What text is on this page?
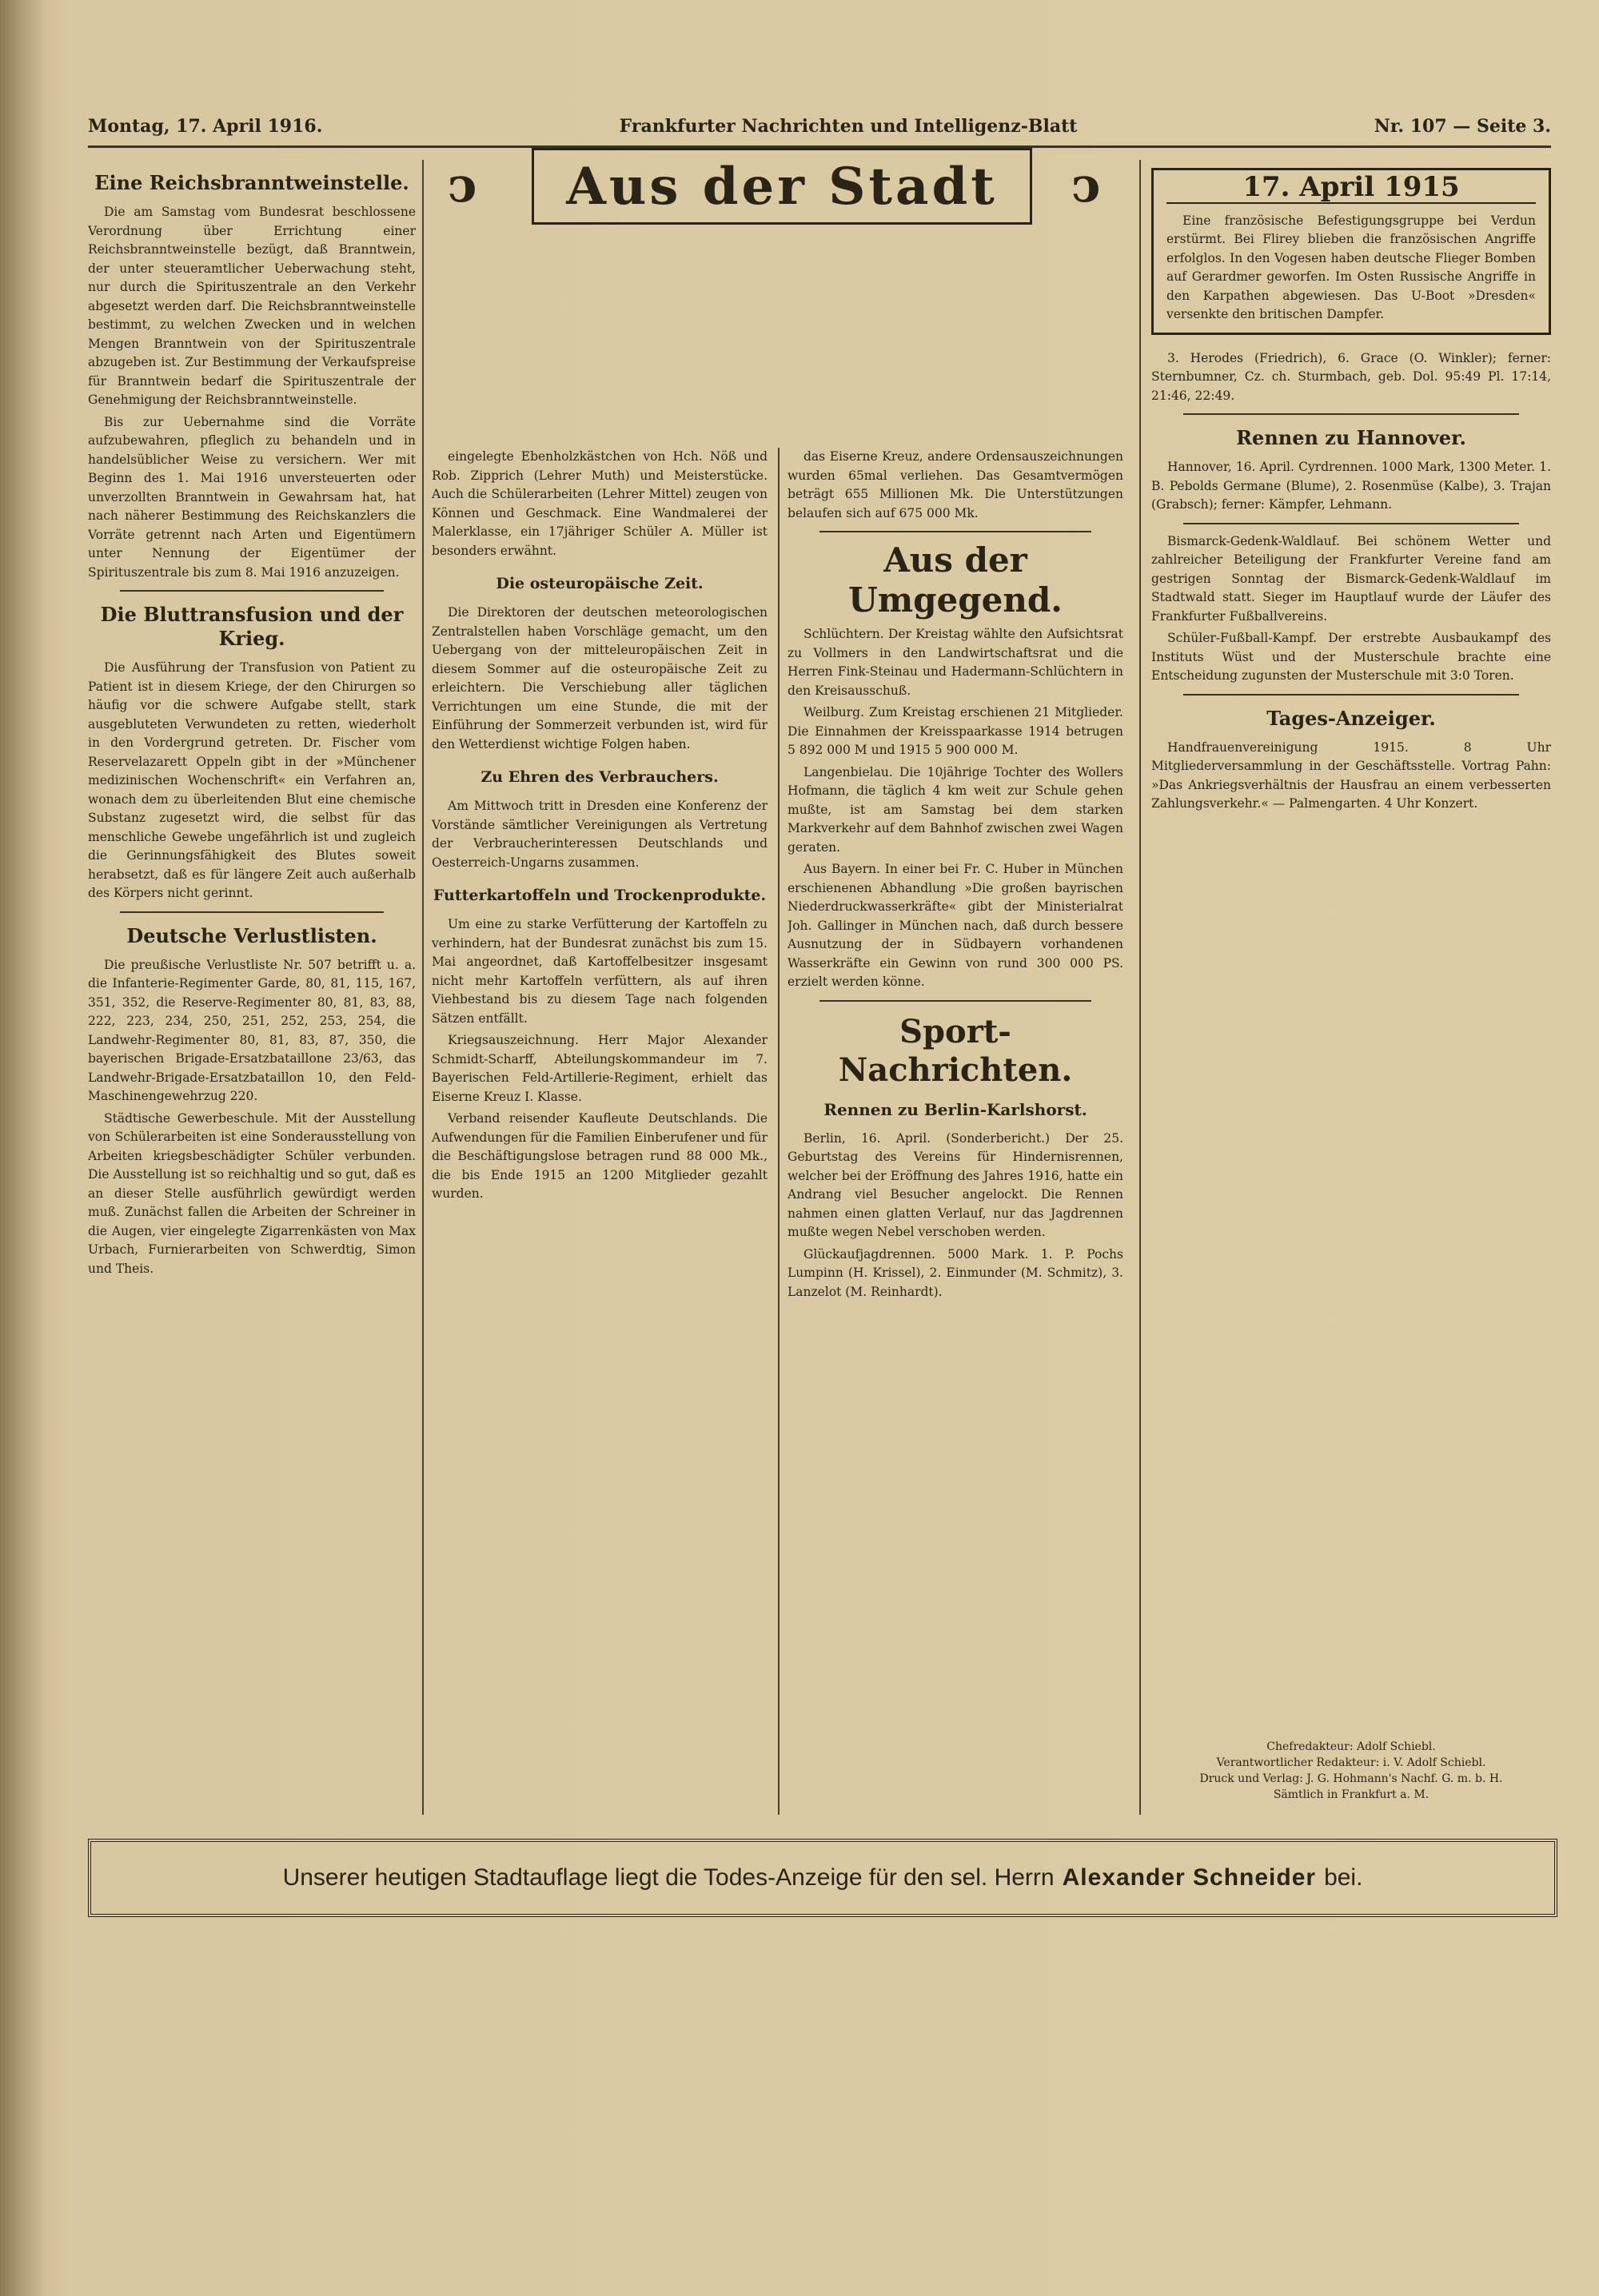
Montag, 17. April 1916.	Frankfurter Nachrichten und Intelligenz-Blatt	Nr. 107 — Seite 3.
Eine Reichsbranntweinstelle.

Die am Samstag vom Bundesrat beschlossene Verordnung über Errichtung einer Reichsbranntweinstelle bezügt, daß Branntwein, der unter steueramtlicher Ueberwachung steht, nur durch die Spirituszentrale an den Verkehr abgesetzt werden darf. Die Reichsbranntweinstelle bestimmt, zu welchen Zwecken und in welchen Mengen Branntwein von der Spirituszentrale abzugeben ist. Zur Bestimmung der Verkaufspreise für Branntwein bedarf die Spirituszentrale der Genehmigung der Reichsbranntweinstelle.

Bis zur Uebernahme sind die Vorräte aufzubewahren, pfleglich zu behandeln und in handelsüblicher Weise zu versichern. Wer mit Beginn des 1. Mai 1916 unversteuerten oder unverzollten Branntwein in Gewahrsam hat, hat nach näherer Bestimmung des Reichskanzlers die Vorräte getrennt nach Arten und Eigentümern unter Nennung der Eigentümer der Spirituszentrale bis zum 8. Mai 1916 anzuzeigen.

Die Bluttransfusion und der Krieg.

Die Ausführung der Transfusion von Patient zu Patient ist in diesem Kriege, der den Chirurgen so häufig vor die schwere Aufgabe stellt, stark ausgebluteten Verwundeten zu retten, wiederholt in den Vordergrund getreten. Dr. Fischer vom Reservelazarett Oppeln gibt in der »Münchener medizinischen Wochenschrift« ein Verfahren an, wonach dem zu überleitenden Blut eine chemische Substanz zugesetzt wird, die selbst für das menschliche Gewebe ungefährlich ist und zugleich die Gerinnungsfähigkeit des Blutes soweit herabsetzt, daß es für längere Zeit auch außerhalb des Körpers nicht gerinnt.

Deutsche Verlustlisten.

Die preußische Verlustliste Nr. 507 betrifft u. a. die Infanterie-Regimenter Garde, 80, 81, 115, 167, 351, 352, die Reserve-Regimenter 80, 81, 83, 88, 222, 223, 234, 250, 251, 252, 253, 254, die Landwehr-Regimenter 80, 81, 83, 87, 350, die bayerischen Brigade-Ersatzbataillone 23/63, das Landwehr-Brigade-Ersatzbataillon 10, den Feld-Maschinengewehrzug 220.

Städtische Gewerbeschule. Mit der Ausstellung von Schülerarbeiten ist eine Sonderausstellung von Arbeiten kriegsbeschädigter Schüler verbunden. Die Ausstellung ist so reichhaltig und so gut, daß es an dieser Stelle ausführlich gewürdigt werden muß. Zunächst fallen die Arbeiten der Schreiner in die Augen, vier eingelegte Zigarrenkästen von Max Urbach, Furnierarbeiten von Schwerdtig, Simon und Theis.

ↄ Aus der Stadt ↄ

eingelegte Ebenholzkästchen von Hch. Nöß und Rob. Zipprich (Lehrer Muth) und Meisterstücke. Auch die Schülerarbeiten (Lehrer Mittel) zeugen von Können und Geschmack. Eine Wandmalerei der Malerklasse, ein 17jähriger Schüler A. Müller ist besonders erwähnt.

Die osteuropäische Zeit.

Die Direktoren der deutschen meteorologischen Zentralstellen haben Vorschläge gemacht, um den Uebergang von der mitteleuropäischen Zeit in diesem Sommer auf die osteuropäische Zeit zu erleichtern. Die Verschiebung aller täglichen Verrichtungen um eine Stunde, die mit der Einführung der Sommerzeit verbunden ist, wird für den Wetterdienst wichtige Folgen haben.

Zu Ehren des Verbrauchers.

Am Mittwoch tritt in Dresden eine Konferenz der Vorstände sämtlicher Vereinigungen als Vertretung der Verbraucherinteressen Deutschlands und Oesterreich-Ungarns zusammen.

Futterkartoffeln und Trockenprodukte.

Um eine zu starke Verfütterung der Kartoffeln zu verhindern, hat der Bundesrat zunächst bis zum 15. Mai angeordnet, daß Kartoffelbesitzer insgesamt nicht mehr Kartoffeln verfüttern, als auf ihren Viehbestand bis zu diesem Tage nach folgenden Sätzen entfällt.

Kriegsauszeichnung. Herr Major Alexander Schmidt-Scharff, Abteilungskommandeur im 7. Bayerischen Feld-Artillerie-Regiment, erhielt das Eiserne Kreuz I. Klasse.

Verband reisender Kaufleute Deutschlands. Die Aufwendungen für die Familien Einberufener und für die Beschäftigungslose betragen rund 88 000 Mk., die bis Ende 1915 an 1200 Mitglieder gezahlt wurden.

das Eiserne Kreuz, andere Ordensauszeichnungen wurden 65mal verliehen. Das Gesamtvermögen beträgt 655 Millionen Mk. Die Unterstützungen belaufen sich auf 675 000 Mk.

Aus der Umgegend.

Schlüchtern. Der Kreistag wählte den Aufsichtsrat zu Vollmers in den Landwirtschaftsrat und die Herren Fink-Steinau und Hadermann-Schlüchtern in den Kreisausschuß.

Weilburg. Zum Kreistag erschienen 21 Mitglieder. Die Einnahmen der Kreisspaarkasse 1914 betrugen 5 892 000 M und 1915 5 900 000 M.

Langenbielau. Die 10jährige Tochter des Wollers Hofmann, die täglich 4 km weit zur Schule gehen mußte, ist am Samstag bei dem starken Markverkehr auf dem Bahnhof zwischen zwei Wagen geraten.

Aus Bayern. In einer bei Fr. C. Huber in München erschienenen Abhandlung »Die großen bayrischen Niederdruckwasserkräfte« gibt der Ministerialrat Joh. Gallinger in München nach, daß durch bessere Ausnutzung der in Südbayern vorhandenen Wasserkräfte ein Gewinn von rund 300 000 PS. erzielt werden könne.

Sport-Nachrichten.
Rennen zu Berlin-Karlshorst.

Berlin, 16. April. (Sonderbericht.) Der 25. Geburtstag des Vereins für Hindernisrennen, welcher bei der Eröffnung des Jahres 1916, hatte ein Andrang viel Besucher angelockt. Die Rennen nahmen einen glatten Verlauf, nur das Jagdrennen mußte wegen Nebel verschoben werden.

Glückaufjagdrennen. 5000 Mark. 1. P. Pochs Lumpinn (H. Krissel), 2. Einmunder (M. Schmitz), 3. Lanzelot (M. Reinhardt).

17. April 1915

Eine französische Befestigungsgruppe bei Verdun erstürmt. Bei Flirey blieben die französischen Angriffe erfolglos. In den Vogesen haben deutsche Flieger Bomben auf Gerardmer geworfen. Im Osten Russische Angriffe in den Karpathen abgewiesen. Das U-Boot »Dresden« versenkte den britischen Dampfer.

3. Herodes (Friedrich), 6. Grace (O. Winkler); ferner: Sternbumner, Cz. ch. Sturmbach, geb. Dol. 95:49 Pl. 17:14, 21:46, 22:49.

Rennen zu Hannover.

Hannover, 16. April. Cyrdrennen. 1000 Mark, 1300 Meter. 1. B. Pebolds Germane (Blume), 2. Rosenmüse (Kalbe), 3. Trajan (Grabsch); ferner: Kämpfer, Lehmann.

Bismarck-Gedenk-Waldlauf. Bei schönem Wetter und zahlreicher Beteiligung der Frankfurter Vereine fand am gestrigen Sonntag der Bismarck-Gedenk-Waldlauf im Stadtwald statt. Sieger im Hauptlauf wurde der Läufer des Frankfurter Fußballvereins.

Schüler-Fußball-Kampf. Der erstrebte Ausbaukampf des Instituts Wüst und der Musterschule brachte eine Entscheidung zugunsten der Musterschule mit 3:0 Toren.

Tages-Anzeiger.

Handfrauenvereinigung 1915. 8 Uhr Mitgliederversammlung in der Geschäftsstelle. Vortrag Pahn: »Das Ankriegsverhältnis der Hausfrau an einem verbesserten Zahlungsverkehr.« — Palmengarten. 4 Uhr Konzert.

Chefredakteur: Adolf Schiebl.
Verantwortlicher Redakteur: i. V. Adolf Schiebl.
Druck und Verlag: J. G. Hohmann's Nachf. G. m. b. H.
Sämtlich in Frankfurt a. M.
Unserer heutigen Stadtauflage liegt die Todes-Anzeige für den sel. Herrn Alexander Schneider bei.
